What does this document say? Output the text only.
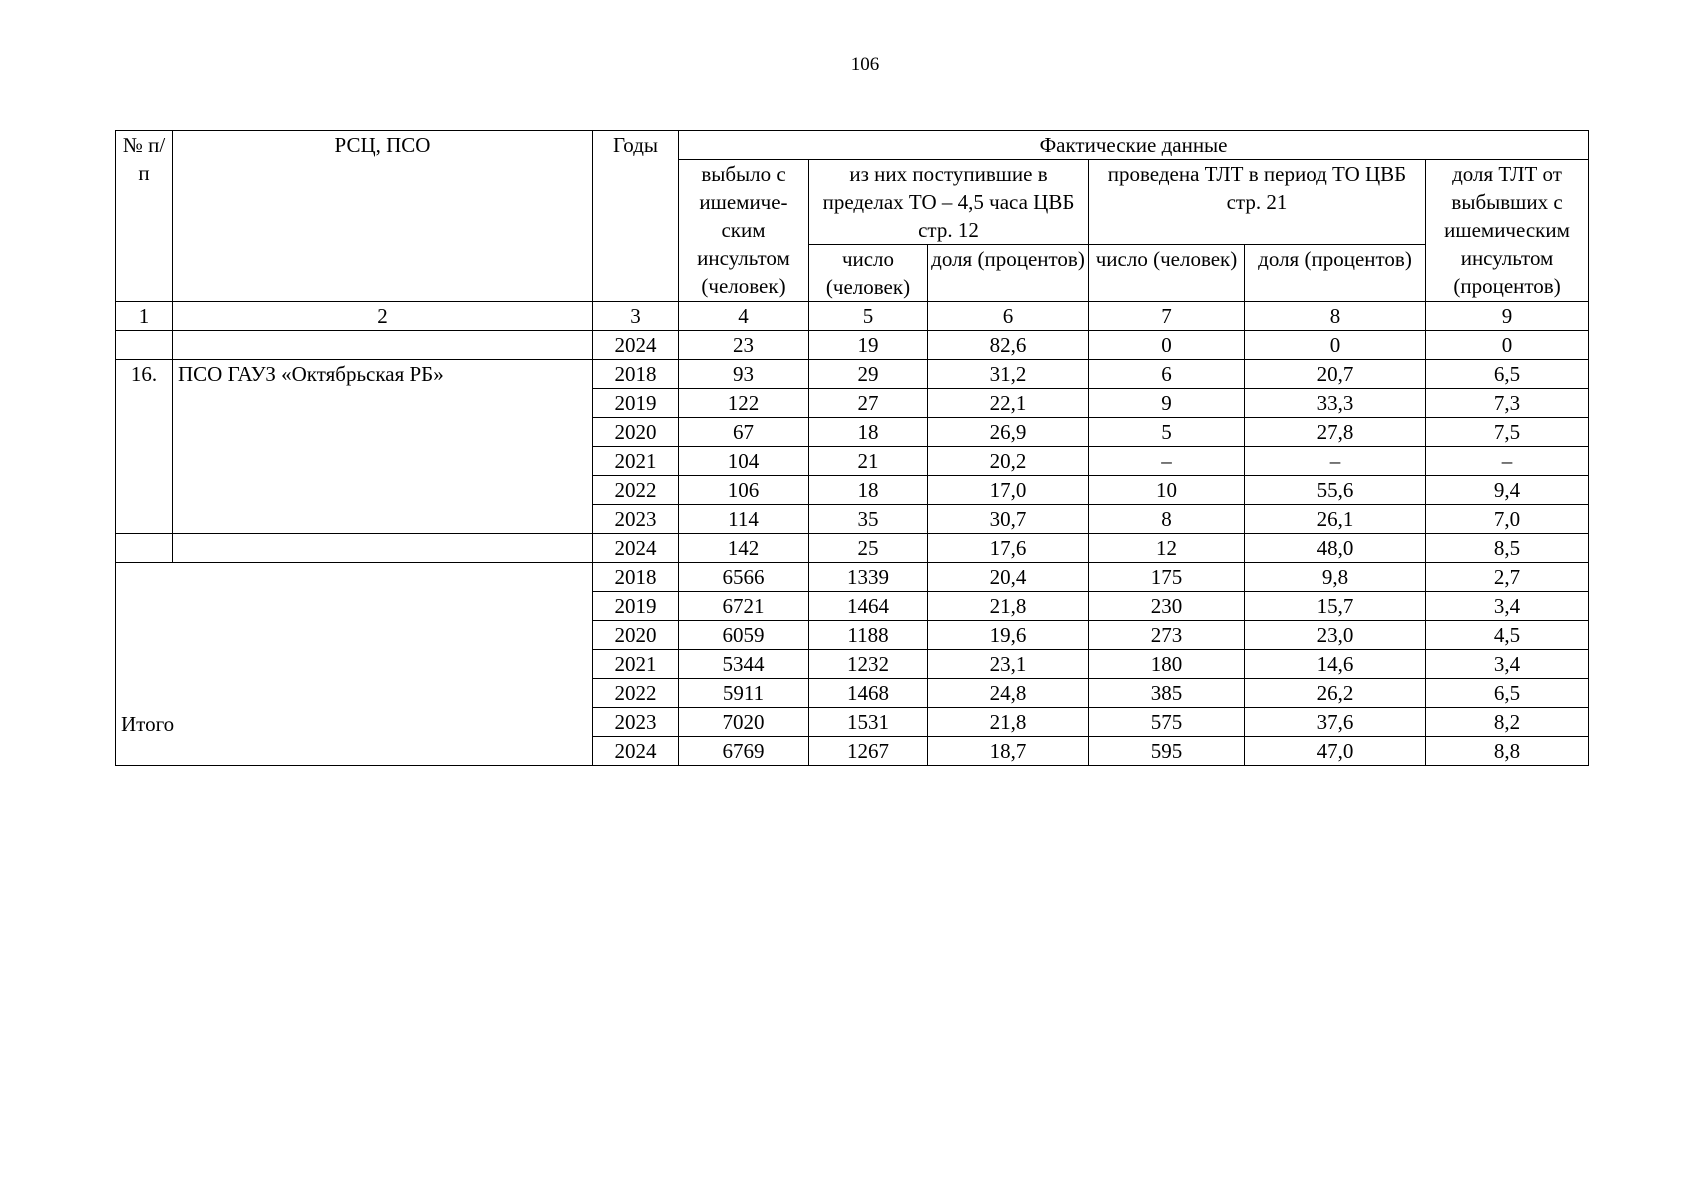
106
№ п/п	РСЦ, ПСО	Годы	Фактические данные					
			выбыло с ишемиче-ским инсультом (человек)	из них поступившие в пределах ТО – 4,5 часа ЦВБ стр. 12		проведена ТЛТ в период ТО ЦВБ стр. 21		доля ТЛТ от выбывших с ишемическим инсультом (процентов)
				число (человек)	доля (процентов)	число (человек)	доля (процентов)	
1	2	3	4	5	6	7	8	9
		2024	23	19	82,6	0	0	0
16.	ПСО ГАУЗ «Октябрьская РБ»	2018	93	29	31,2	6	20,7	6,5
		2019	122	27	22,1	9	33,3	7,3
		2020	67	18	26,9	5	27,8	7,5
		2021	104	21	20,2	–	–	–
		2022	106	18	17,0	10	55,6	9,4
		2023	114	35	30,7	8	26,1	7,0
		2024	142	25	17,6	12	48,0	8,5
Итого		2018	6566	1339	20,4	175	9,8	2,7
		2019	6721	1464	21,8	230	15,7	3,4
		2020	6059	1188	19,6	273	23,0	4,5
		2021	5344	1232	23,1	180	14,6	3,4
		2022	5911	1468	24,8	385	26,2	6,5
		2023	7020	1531	21,8	575	37,6	8,2
		2024	6769	1267	18,7	595	47,0	8,8
